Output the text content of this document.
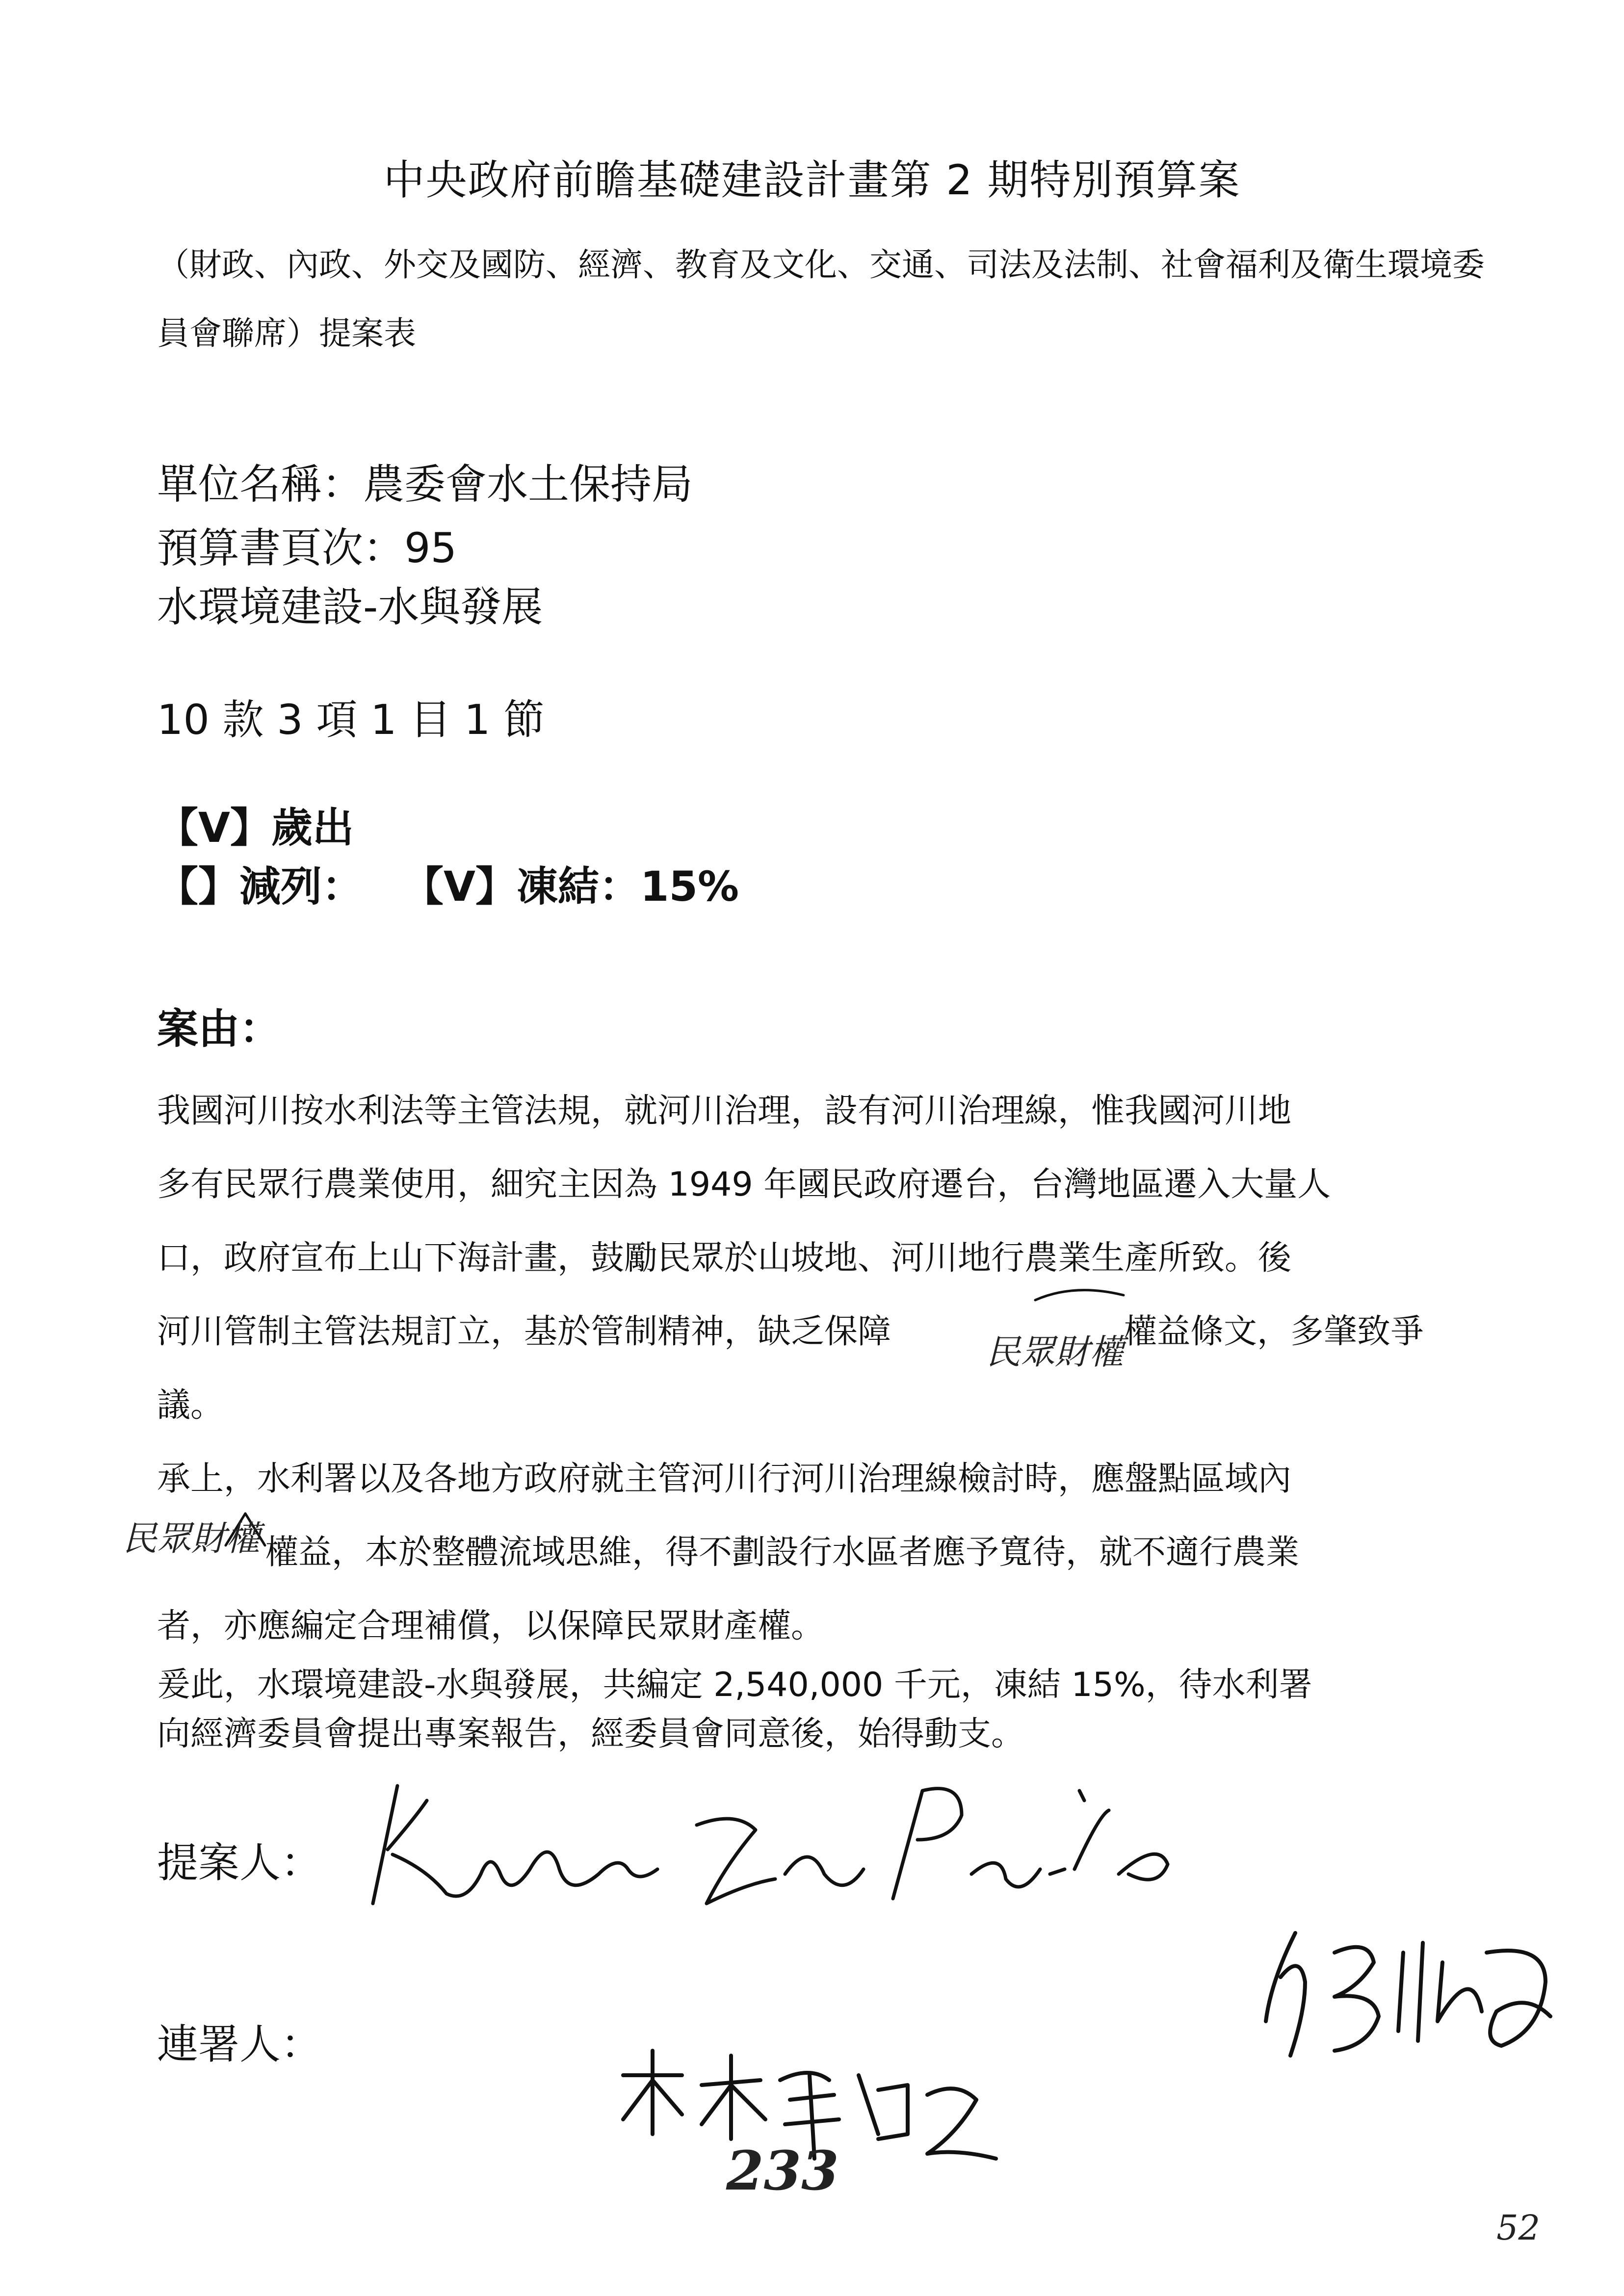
中央政府前瞻基礎建設計畫第 2 期特別預算案
（財政、內政、外交及國防、經濟、教育及文化、交通、司法及法制、社會福利及衛生環境委員會聯席）提案表
單位名稱：農委會水土保持局
預算書頁次：95
水環境建設-水與發展
10 款 3 項 1 目 1 節
【V】歲出
【】減列： 【V】凍結：15%
案由：
我國河川按水利法等主管法規，就河川治理，設有河川治理線，惟我國河川地
多有民眾行農業使用，細究主因為 1949 年國民政府遷台，台灣地區遷入大量人
口，政府宣布上山下海計畫，鼓勵民眾於山坡地、河川地行農業生產所致。後
河川管制主管法規訂立，基於管制精神，缺乏保障	權益條文，多肇致爭
議。
承上，水利署以及各地方政府就主管河川行河川治理線檢討時，應盤點區域內
權益，本於整體流域思維，得不劃設行水區者應予寬待，就不適行農業
者，亦應編定合理補償，以保障民眾財產權。
爰此，水環境建設-水與發展，共編定 2,540,000 千元，凍結 15%，待水利署
向經濟委員會提出專案報告，經委員會同意後，始得動支。
民眾財權
民眾財權
提案人：
連署人：
233
52
